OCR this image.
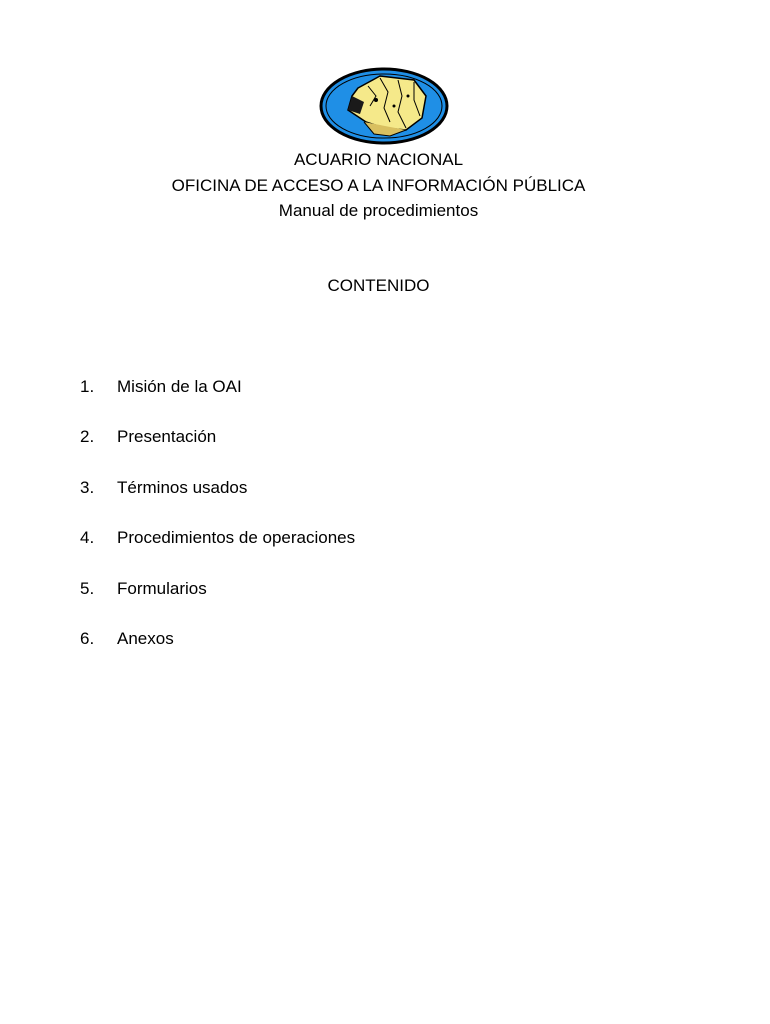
ACUARIO NACIONAL
OFICINA DE ACCESO A LA INFORMACIÓN PÚBLICA
Manual de procedimientos
CONTENIDO
1. Misión de la OAI
2. Presentación
3. Términos usados
4. Procedimientos de operaciones
5. Formularios
6. Anexos
